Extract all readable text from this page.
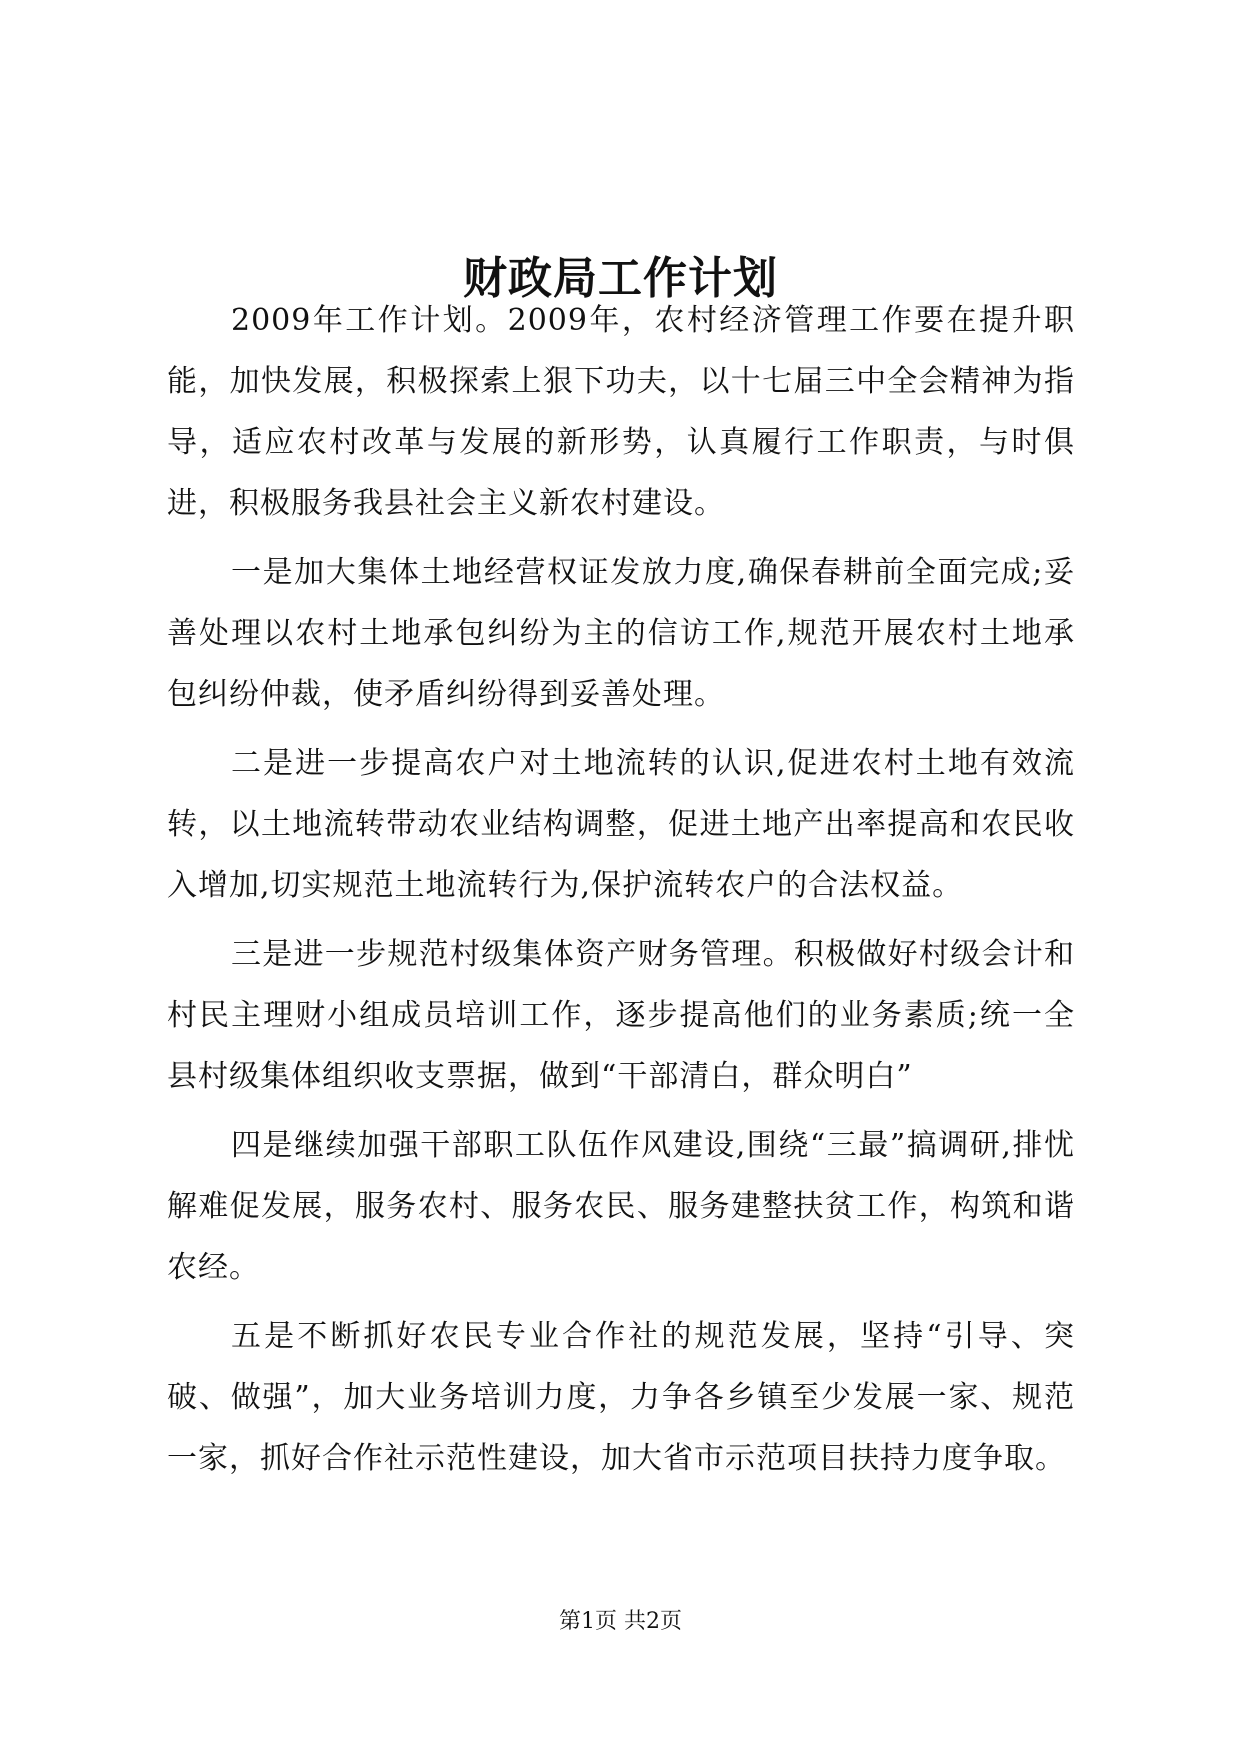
财政局工作计划

2009年工作计划。2009年，农村经济管理工作要在提升职能，加快发展，积极探索上狠下功夫，以十七届三中全会精神为指导，适应农村改革与发展的新形势，认真履行工作职责，与时俱进，积极服务我县社会主义新农村建设。

一是加大集体土地经营权证发放力度,确保春耕前全面完成;妥善处理以农村土地承包纠纷为主的信访工作,规范开展农村土地承包纠纷仲裁，使矛盾纠纷得到妥善处理。

二是进一步提高农户对土地流转的认识,促进农村土地有效流转，以土地流转带动农业结构调整，促进土地产出率提高和农民收入增加,切实规范土地流转行为,保护流转农户的合法权益。

三是进一步规范村级集体资产财务管理。积极做好村级会计和村民主理财小组成员培训工作，逐步提高他们的业务素质;统一全县村级集体组织收支票据，做到“干部清白，群众明白”

四是继续加强干部职工队伍作风建设,围绕“三最”搞调研,排忧解难促发展，服务农村、服务农民、服务建整扶贫工作，构筑和谐农经。

五是不断抓好农民专业合作社的规范发展，坚持“引导、突破、做强”，加大业务培训力度，力争各乡镇至少发展一家、规范一家，抓好合作社示范性建设，加大省市示范项目扶持力度争取。

第1页 共2页
